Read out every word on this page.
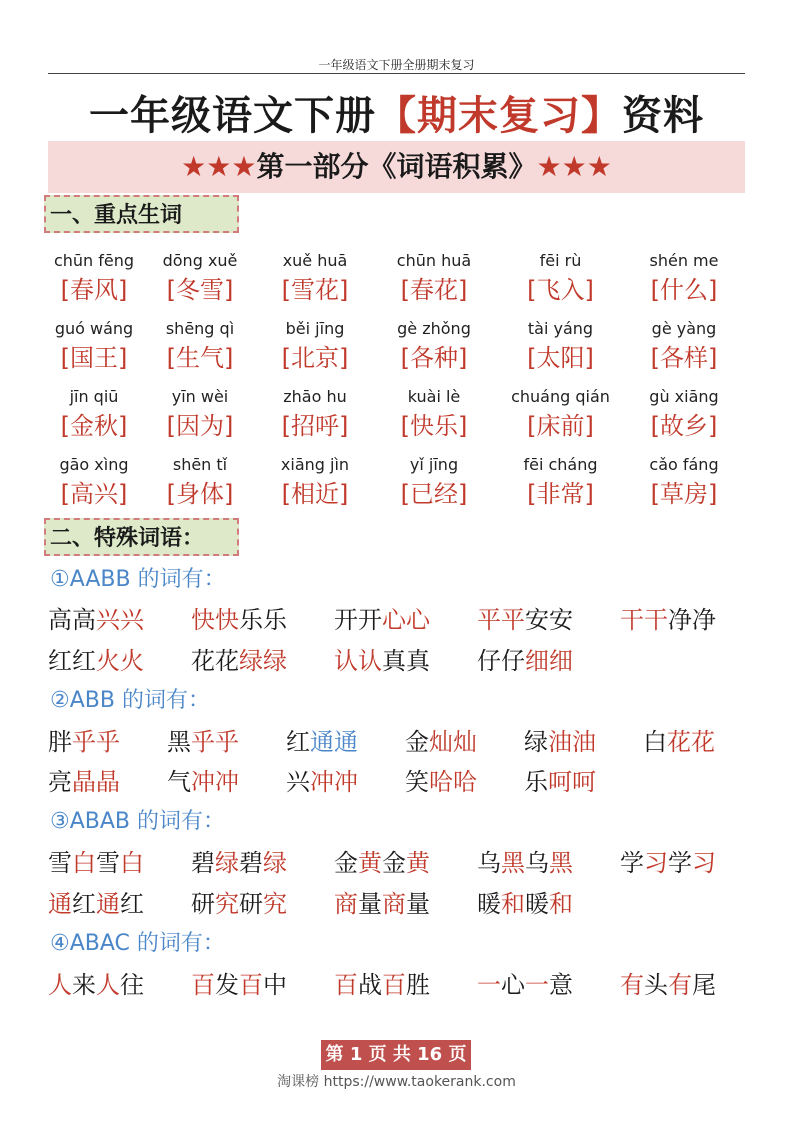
一年级语文下册全册期末复习
一年级语文下册【期末复习】资料
★★★第一部分《词语积累》★★★
一、重点生词
chūn fēng	dōng xuě	xuě huā	chūn huā	fēi rù	shén me
[春风]	[冬雪]	[雪花]	[春花]	[飞入]	[什么]
guó wáng	shēng qì	běi jīng	gè zhǒng	tài yáng	gè yàng
[国王]	[生气]	[北京]	[各种]	[太阳]	[各样]
jīn qiū	yīn wèi	zhāo hu	kuài lè	chuáng qián	gù xiāng
[金秋]	[因为]	[招呼]	[快乐]	[床前]	[故乡]
gāo xìng	shēn tǐ	xiāng jìn	yǐ jīng	fēi cháng	cǎo fáng
[高兴]	[身体]	[相近]	[已经]	[非常]	[草房]
二、特殊词语：
①AABB 的词有：
高高兴兴	快快乐乐	开开心心	平平安安	干干净净
红红火火	花花绿绿	认认真真	仔仔细细
②ABB 的词有：
胖乎乎	黑乎乎	红通通	金灿灿	绿油油	白花花
亮晶晶	气冲冲	兴冲冲	笑哈哈	乐呵呵
③ABAB 的词有：
雪白雪白	碧绿碧绿	金黄金黄	乌黑乌黑	学习学习
通红通红	研究研究	商量商量	暖和暖和
④ABAC 的词有：
人来人往	百发百中	百战百胜	一心一意	有头有尾
第 1 页 共 16 页
淘课榜 https://www.taokerank.com
